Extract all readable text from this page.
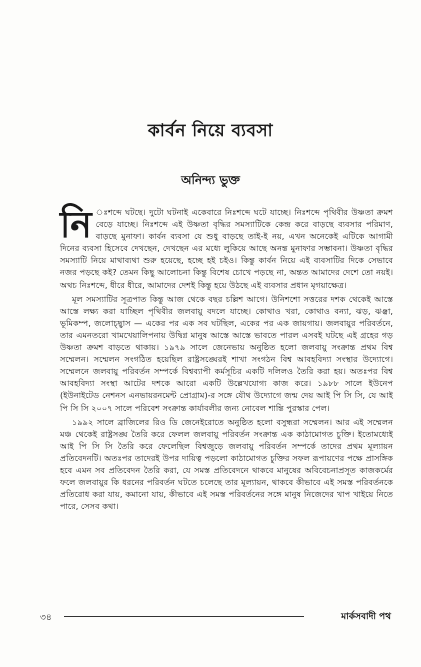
কার্বন নিয়ে ব্যবসা
অনিন্দ্য ভুক্ত
নি ঃশব্দে ঘটছে। দুটো ঘটনাই একেবারে নিঃশব্দে ঘটে যাচ্ছে। নিঃশব্দে পৃথিবীর উষ্ণতা ক্রমশ বেড়ে যাচ্ছে। নিঃশব্দে এই উষ্ণতা বৃদ্ধির সমস্যাটিকে কেন্দ্র করে বাড়ছে ব্যবসার পরিমাণ, বাড়ছে মুনাফা। কার্বন ব্যবসা যে শুধু বাড়ছে তাই-ই নয়, এখন অনেকেই এটিকে আগামী দিনের ব্যবসা হিসেবে দেখছেন, দেখছেন এর মধ্যে লুকিয়ে আছে অনন্ত মুনাফার সম্ভাবনা। উষ্ণতা বৃদ্ধির সমস্যাটি নিয়ে মাথাব্যথা শুরু হয়েছে, হচ্ছে হই চইও। কিন্তু কার্বন নিয়ে এই ব্যবসাটির দিকে সেভাবে নজর পড়ছে কই? তেমন কিছু আলোচনা কিন্তু বিশেষ চোখে পড়ছে না, অন্তত আমাদের দেশে তো নয়ই। অথচ নিঃশব্দে, ধীরে ধীরে, আমাদের দেশই কিন্তু হয়ে উঠছে এই ব্যবসার প্রধান মৃগয়াক্ষেত্র।

মূল সমস্যাটির সূত্রপাত কিন্তু আজ থেকে বছর চল্লিশ আগে। উনিশশো সত্তরের দশক থেকেই আস্তে আস্তে লক্ষ্য করা যাচ্ছিল পৃথিবীর জলবায়ু বদলে যাচ্ছে। কোথাও খরা, কোথাও বন্যা, ঝড়, ঝঞ্ঝা, ভূমিকম্প, জলোচ্ছ্বাস — একের পর এক সব ঘটছিল, একের পর এক জায়গায়। জলবায়ুর পরিবর্তনে, তার এমনতরো খামখেয়ালিপনায় উদ্বিগ্ন মানুষ আস্তে আস্তে ভাবতে পারল এসবই ঘটছে এই গ্রহের গড় উষ্ণতা ক্রমশ বাড়তে থাকায়। ১৯৭৯ সালে জেনেভায় অনুষ্ঠিত হলো জলবায়ু সংক্রান্ত প্রথম বিশ্ব সম্মেলন। সম্মেলন সংগঠিত হয়েছিল রাষ্ট্রসঙ্ঘেরই শাখা সংগঠন বিশ্ব আবহবিদ্যা সংস্থার উদ্যোগে। সম্মেলনে জলবায়ু পরিবর্তন সম্পর্কে বিশ্বব্যাপী কর্মসূচির একটি দলিলও তৈরি করা হয়। অতঃপর বিশ্ব আবহবিদ্যা সংস্থা আটের দশকে আরো একটি উল্লেখযোগ্য কাজ করে। ১৯৮৮ সালে ইউনেপ (ইউনাইটেড নেশনস এনভায়রনমেন্ট প্রোগ্রাম)-র সঙ্গে যৌথ উদ্যোগে জন্ম দেয় আই পি সি সি, যে আই পি সি সি ২০০৭ সালে পরিবেশ সংক্রান্ত কার্যাবলীর জন্য নোবেল শান্তি পুরস্কার পেল।

১৯৯২ সালে ব্রাজিলের রিও ডি জেনেইরোতে অনুষ্ঠিত হলো বসুন্ধরা সম্মেলন। আর এই সম্মেলন মঞ্চ থেকেই রাষ্ট্রসঙ্ঘ তৈরি করে ফেলল জলবায়ু পরিবর্তন সংক্রান্ত এক কাঠামোগত চুক্তি। ইতোমধ্যেই আই পি সি সি তৈরি করে ফেলেছিল বিশ্বজুড়ে জলবায়ু পরিবর্তন সম্পর্কে তাদের প্রথম মূল্যায়ন প্রতিবেদনটি। অতঃপর তাদেরই উপর দায়িত্ব পড়লো কাঠামোগত চুক্তির সফল রূপায়ণের পক্ষে প্রাসঙ্গিক হবে এমন সব প্রতিবেদন তৈরি করা, যে সমস্ত প্রতিবেদনে থাকবে মানুষের অবিবেচনাপ্রসূত কাজকর্মের ফলে জলবায়ুর কি ধরনের পরিবর্তন ঘটতে চলেছে তার মূল্যায়ন, থাকবে কীভাবে এই সমস্ত পরিবর্তনকে প্রতিরোধ করা যায়, কমানো যায়, কীভাবে এই সমস্ত পরিবর্তনের সঙ্গে মানুষ নিজেদের খাপ খাইয়ে নিতে পারে, সেসব কথা।

৩৪	মার্কসবাদী পথ
